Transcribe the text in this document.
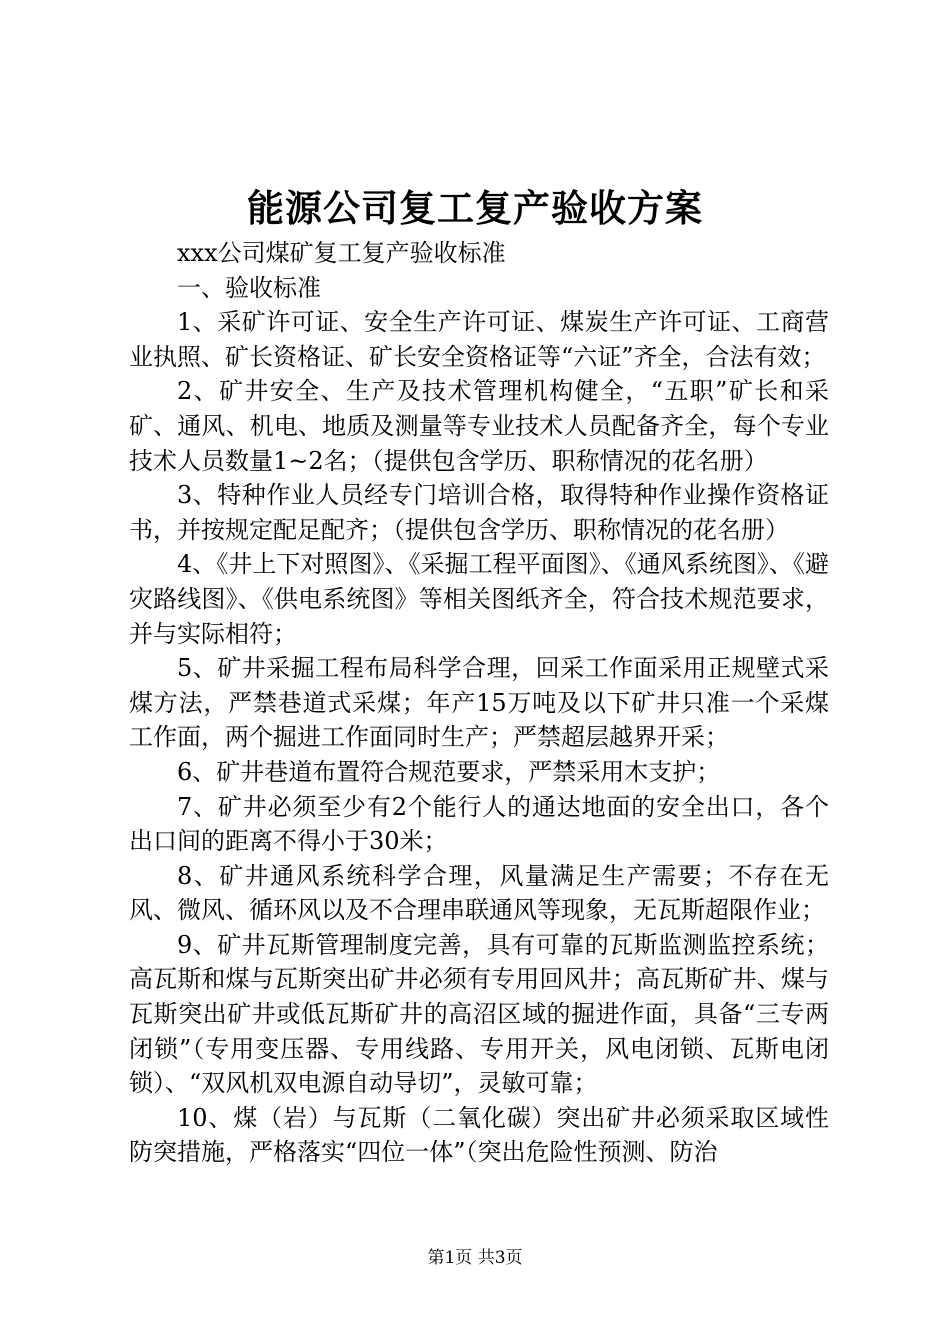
能源公司复工复产验收方案

xxx公司煤矿复工复产验收标准

一、验收标准

1、采矿许可证、安全生产许可证、煤炭生产许可证、工商营业执照、矿长资格证、矿长安全资格证等“六证”齐全，合法有效；

2、矿井安全、生产及技术管理机构健全，“五职”矿长和采矿、通风、机电、地质及测量等专业技术人员配备齐全，每个专业技术人员数量1~2名；（提供包含学历、职称情况的花名册）

3、特种作业人员经专门培训合格，取得特种作业操作资格证书，并按规定配足配齐；（提供包含学历、职称情况的花名册）

4、《井上下对照图》、《采掘工程平面图》、《通风系统图》、《避灾路线图》、《供电系统图》等相关图纸齐全，符合技术规范要求，并与实际相符；

5、矿井采掘工程布局科学合理，回采工作面采用正规壁式采煤方法，严禁巷道式采煤；年产15万吨及以下矿井只准一个采煤工作面，两个掘进工作面同时生产；严禁超层越界开采；

6、矿井巷道布置符合规范要求，严禁采用木支护；

7、矿井必须至少有2个能行人的通达地面的安全出口，各个出口间的距离不得小于30米；

8、矿井通风系统科学合理，风量满足生产需要；不存在无风、微风、循环风以及不合理串联通风等现象，无瓦斯超限作业；

9、矿井瓦斯管理制度完善，具有可靠的瓦斯监测监控系统；高瓦斯和煤与瓦斯突出矿井必须有专用回风井；高瓦斯矿井、煤与瓦斯突出矿井或低瓦斯矿井的高沼区域的掘进作面，具备“三专两闭锁”（专用变压器、专用线路、专用开关，风电闭锁、瓦斯电闭锁）、“双风机双电源自动导切”，灵敏可靠；

10、煤（岩）与瓦斯（二氧化碳）突出矿井必须采取区域性防突措施，严格落实“四位一体”（突出危险性预测、防治

第1页 共3页
